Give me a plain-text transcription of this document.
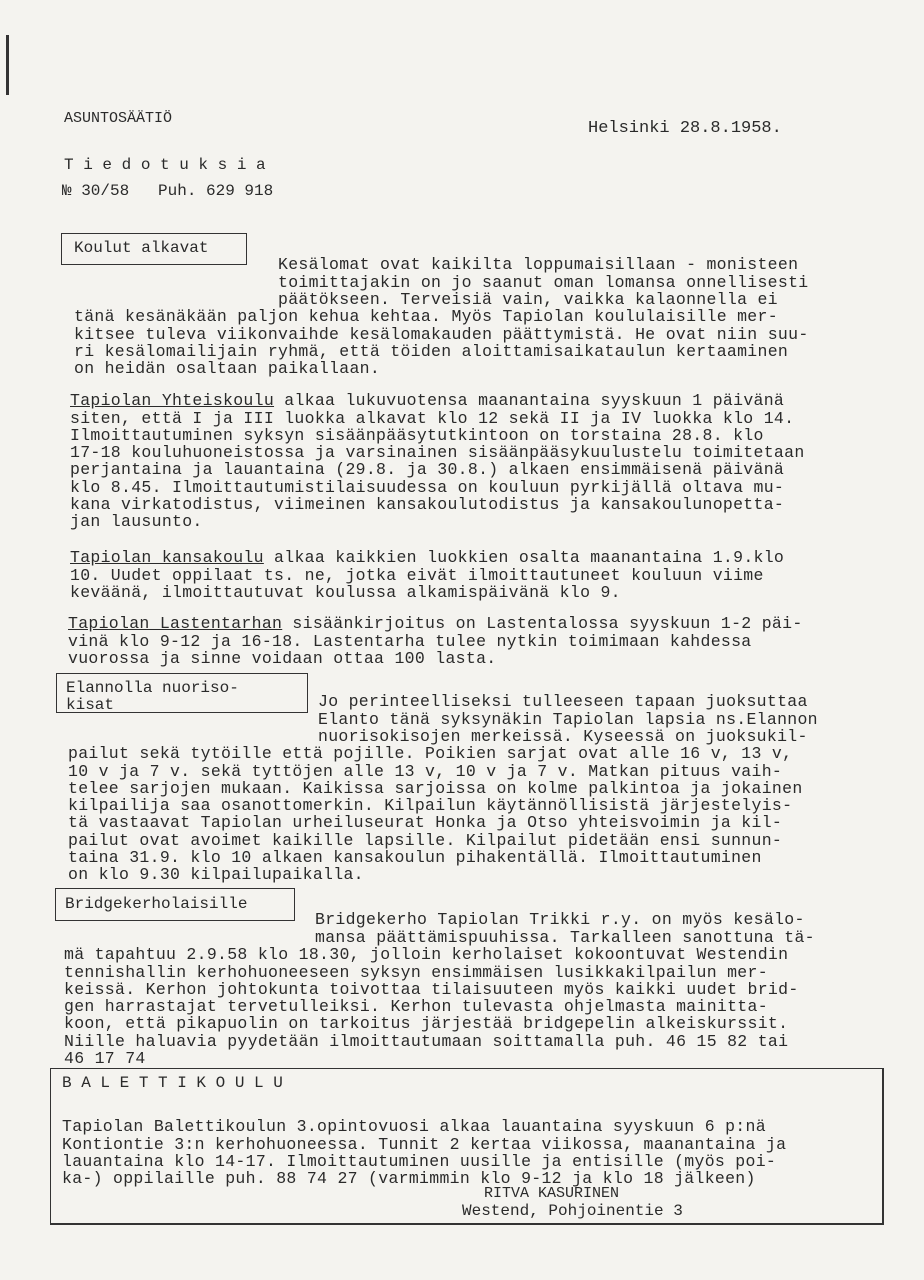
ASUNTOSÄÄTIÖ
Helsinki 28.8.1958.
T i e d o t u k s i a
№ 30/58   Puh. 629 918
Koulut alkavat

Kesälomat ovat kaikilta loppumaisillaan - monisteen
toimittajakin on jo saanut oman lomansa onnellisesti
päätökseen. Terveisiä vain, vaikka kalaonnella ei

tänä kesänäkään paljon kehua kehtaa. Myös Tapiolan koululaisille mer-
kitsee tuleva viikonvaihde kesälomakauden päättymistä. He ovat niin suu-
ri kesälomailijain ryhmä, että töiden aloittamisaikataulun kertaaminen
on heidän osaltaan paikallaan.

Tapiolan Yhteiskoulu alkaa lukuvuotensa maanantaina syyskuun 1 päivänä
siten, että I ja III luokka alkavat klo 12 sekä II ja IV luokka klo 14.
Ilmoittautuminen syksyn sisäänpääsytutkintoon on torstaina 28.8. klo
17-18 kouluhuoneistossa ja varsinainen sisäänpääsykuulustelu toimitetaan
perjantaina ja lauantaina (29.8. ja 30.8.) alkaen ensimmäisenä päivänä
klo 8.45. Ilmoittautumistilaisuudessa on kouluun pyrkijällä oltava mu-
kana virkatodistus, viimeinen kansakoulutodistus ja kansakoulunopetta-
jan lausunto.

Tapiolan kansakoulu alkaa kaikkien luokkien osalta maanantaina 1.9.klo
10. Uudet oppilaat ts. ne, jotka eivät ilmoittautuneet kouluun viime
keväänä, ilmoittautuvat koulussa alkamispäivänä klo 9.

Tapiolan Lastentarhan sisäänkirjoitus on Lastentalossa syyskuun 1-2 päi-
vinä klo 9-12 ja 16-18. Lastentarha tulee nytkin toimimaan kahdessa
vuorossa ja sinne voidaan ottaa 100 lasta.
Elannolla nuoriso-
kisat	Jo perinteelliseksi tulleeseen tapaan juoksuttaa
Elanto tänä syksynäkin Tapiolan lapsia ns.Elannon
nuorisokisojen merkeissä. Kyseessä on juoksukil-

pailut sekä tytöille että pojille. Poikien sarjat ovat alle 16 v, 13 v,
10 v ja 7 v. sekä tyttöjen alle 13 v, 10 v ja 7 v. Matkan pituus vaih-
telee sarjojen mukaan. Kaikissa sarjoissa on kolme palkintoa ja jokainen
kilpailija saa osanottomerkin. Kilpailun käytännöllisistä järjestelyis-
tä vastaavat Tapiolan urheiluseurat Honka ja Otso yhteisvoimin ja kil-
pailut ovat avoimet kaikille lapsille. Kilpailut pidetään ensi sunnun-
taina 31.9. klo 10 alkaen kansakoulun pihakentällä. Ilmoittautuminen
on klo 9.30 kilpailupaikalla.
Bridgekerholaisille

Bridgekerho Tapiolan Trikki r.y. on myös kesälo-
mansa päättämispuuhissa. Tarkalleen sanottuna tä-

mä tapahtuu 2.9.58 klo 18.30, jolloin kerholaiset kokoontuvat Westendin
tennishallin kerhohuoneeseen syksyn ensimmäisen lusikkakilpailun mer-
keissä. Kerhon johtokunta toivottaa tilaisuuteen myös kaikki uudet brid-
gen harrastajat tervetulleiksi. Kerhon tulevasta ohjelmasta mainitta-
koon, että pikapuolin on tarkoitus järjestää bridgepelin alkeiskurssit.
Niille haluavia pyydetään ilmoittautumaan soittamalla puh. 46 15 82 tai
46 17 74
B A L E T T I K O U L U

Tapiolan Balettikoulun 3.opintovuosi alkaa lauantaina syyskuun 6 p:nä
Kontiontie 3:n kerhohuoneessa. Tunnit 2 kertaa viikossa, maanantaina ja
lauantaina klo 14-17. Ilmoittautuminen uusille ja entisille (myös poi-
ka-) oppilaille puh. 88 74 27 (varmimmin klo 9-12 ja klo 18 jälkeen)
RITVA KASURINEN
Westend, Pohjoinentie 3
